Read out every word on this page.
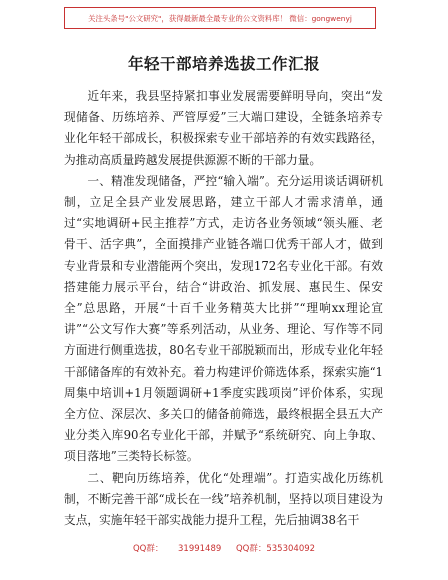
关注头条号"公文研究"，获得最新最全最专业的公文资料库！ 微信：gongwenyj
年轻干部培养选拔工作汇报

近年来，我县坚持紧扣事业发展需要鲜明导向，突出“发现储备、历练培养、严管厚爱”三大端口建设，全链条培养专业化年轻干部成长，积极探索专业干部培养的有效实践路径，为推动高质量跨越发展提供源源不断的干部力量。

一、精准发现储备，严控“输入端”。充分运用谈话调研机制，立足全县产业发展思路，建立干部人才需求清单，通过“实地调研+民主推荐”方式，走访各业务领域“领头雁、老骨干、活字典”，全面摸排产业链各端口优秀干部人才，做到专业背景和专业潜能两个突出，发现172名专业化干部。有效搭建能力展示平台，结合“讲政治、抓发展、惠民生、保安全”总思路，开展“十百千业务精英大比拼”“理响xx理论宣讲”“公文写作大赛”等系列活动，从业务、理论、写作等不同方面进行侧重选拔，80名专业干部脱颖而出，形成专业化年轻干部储备库的有效补充。着力构建评价筛选体系，探索实施“1周集中培训+1月领题调研+1季度实践项岗”评价体系，实现全方位、深层次、多关口的储备前筛选，最终根据全县五大产业分类入库90名专业化干部，并赋予“系统研究、向上争取、项目落地”三类特长标签。

二、靶向历练培养，优化“处理端”。打造实战化历练机制，不断完善干部“成长在一线”培养机制，坚持以项目建设为支点，实施年轻干部实战能力提升工程，先后抽调38名干

QQ群： 31991489 QQ群：535304092
